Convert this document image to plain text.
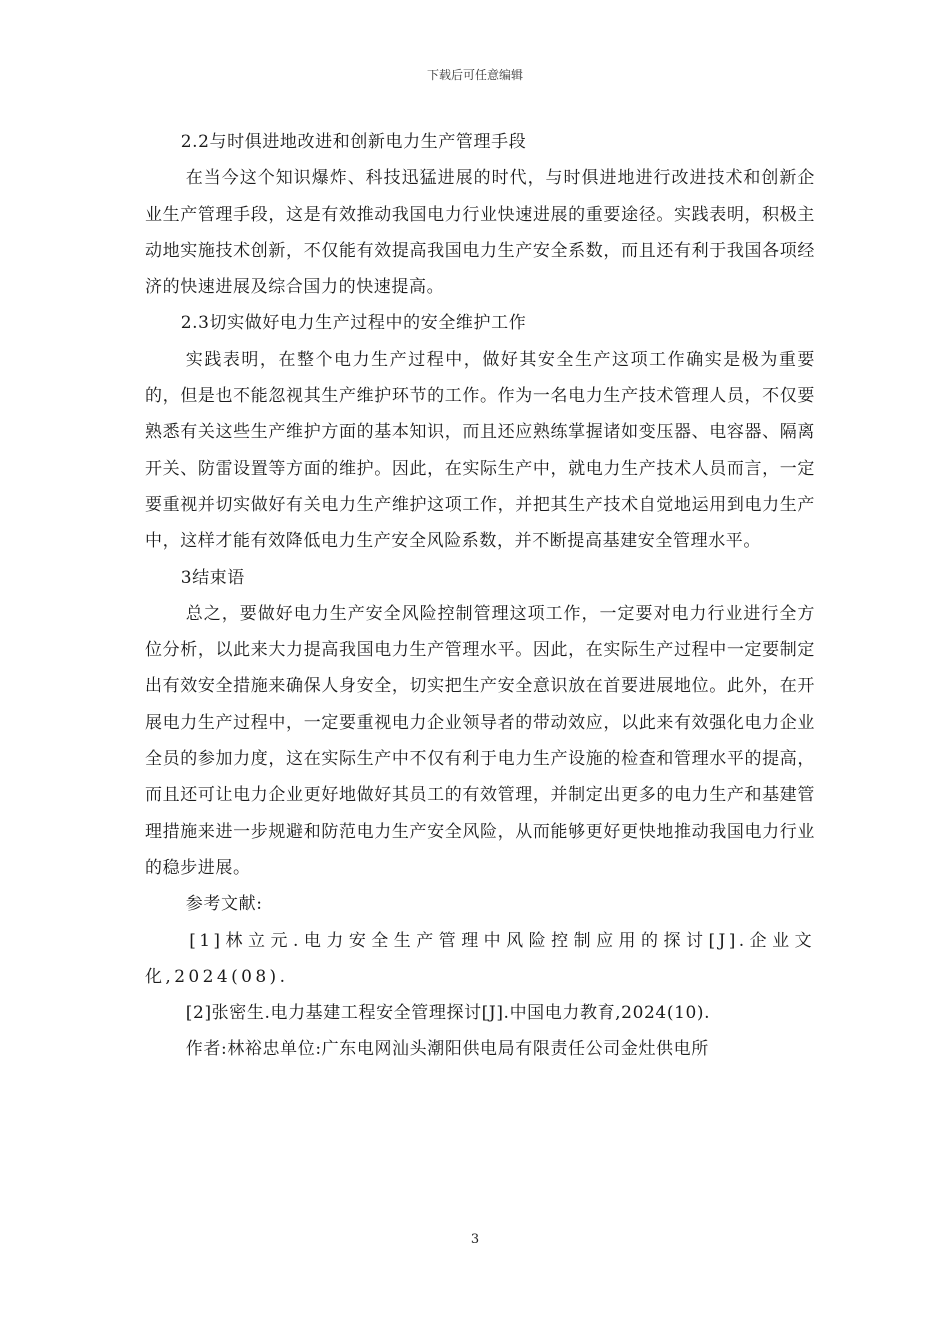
下载后可任意编辑

2.2与时俱进地改进和创新电力生产管理手段

在当今这个知识爆炸、科技迅猛进展的时代，与时俱进地进行改进技术和创新企业生产管理手段，这是有效推动我国电力行业快速进展的重要途径。实践表明，积极主动地实施技术创新，不仅能有效提高我国电力生产安全系数，而且还有利于我国各项经济的快速进展及综合国力的快速提高。

2.3切实做好电力生产过程中的安全维护工作

实践表明，在整个电力生产过程中，做好其安全生产这项工作确实是极为重要的，但是也不能忽视其生产维护环节的工作。作为一名电力生产技术管理人员，不仅要熟悉有关这些生产维护方面的基本知识，而且还应熟练掌握诸如变压器、电容器、隔离开关、防雷设置等方面的维护。因此，在实际生产中，就电力生产技术人员而言，一定要重视并切实做好有关电力生产维护这项工作，并把其生产技术自觉地运用到电力生产中，这样才能有效降低电力生产安全风险系数，并不断提高基建安全管理水平。

3结束语

总之，要做好电力生产安全风险控制管理这项工作，一定要对电力行业进行全方位分析，以此来大力提高我国电力生产管理水平。因此，在实际生产过程中一定要制定出有效安全措施来确保人身安全，切实把生产安全意识放在首要进展地位。此外，在开展电力生产过程中，一定要重视电力企业领导者的带动效应，以此来有效强化电力企业全员的参加力度，这在实际生产中不仅有利于电力生产设施的检查和管理水平的提高，而且还可让电力企业更好地做好其员工的有效管理，并制定出更多的电力生产和基建管理措施来进一步规避和防范电力生产安全风险，从而能够更好更快地推动我国电力行业的稳步进展。

参考文献:

[1]林立元.电力安全生产管理中风险控制应用的探讨[J].企业文化,2024(08).

[2]张密生.电力基建工程安全管理探讨[J].中国电力教育,2024(10).

作者:林裕忠单位:广东电网汕头潮阳供电局有限责任公司金灶供电所

3
